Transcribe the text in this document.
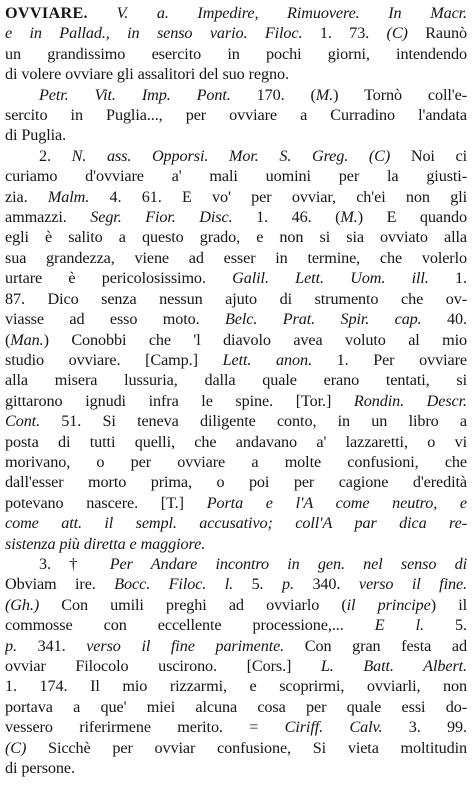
OVVIARE. V. a. Impedire, Rimuovere. In Macr.
e in Pallad., in senso vario. Filoc. 1. 73. (C) Raunò
un grandissimo esercito in pochi giorni, intendendo
di volere ovviare gli assalitori del suo regno.
Petr. Vit. Imp. Pont. 170. (M.) Tornò coll'e-
sercito in Puglia..., per ovviare a Curradino l'andata
di Puglia.
2. N. ass. Opporsi. Mor. S. Greg. (C) Noi ci
curiamo d'ovviare a' mali uomini per la giusti-
zia. Malm. 4. 61. E vo' per ovviar, ch'ei non gli
ammazzi. Segr. Fior. Disc. 1. 46. (M.) E quando
egli è salito a questo grado, e non si sia ovviato alla
sua grandezza, viene ad esser in termine, che volerlo
urtare è pericolosissimo. Galil. Lett. Uom. ill. 1.
87. Dico senza nessun ajuto di strumento che ov-
viasse ad esso moto. Belc. Prat. Spir. cap. 40.
(Man.) Conobbi che 'l diavolo avea voluto al mio
studio ovviare. [Camp.] Lett. anon. 1. Per ovviare
alla misera lussuria, dalla quale erano tentati, si
gittarono ignudi infra le spine. [Tor.] Rondin. Descr.
Cont. 51. Si teneva diligente conto, in un libro a
posta di tutti quelli, che andavano a' lazzaretti, o vi
morivano, o per ovviare a molte confusioni, che
dall'esser morto prima, o poi per cagione d'eredità
potevano nascere. [T.] Porta e l'A come neutro, e
come att. il sempl. accusativo; coll'A par dica re-
sistenza più diretta e maggiore.
3. † Per Andare incontro in gen. nel senso di
Obviam ire. Bocc. Filoc. l. 5. p. 340. verso il fine.
(Gh.) Con umili preghi ad ovviarlo (il principe) il
commosse con eccellente processione,... E l. 5.
p. 341. verso il fine parimente. Con gran festa ad
ovviar Filocolo uscirono. [Cors.] L. Batt. Albert.
1. 174. Il mio rizzarmi, e scoprirmi, ovviarli, non
portava a que' miei alcuna cosa per quale essi do-
vessero riferirmene merito. = Ciriff. Calv. 3. 99.
(C) Sicchè per ovviar confusione, Si vieta moltitudin
di persone.
